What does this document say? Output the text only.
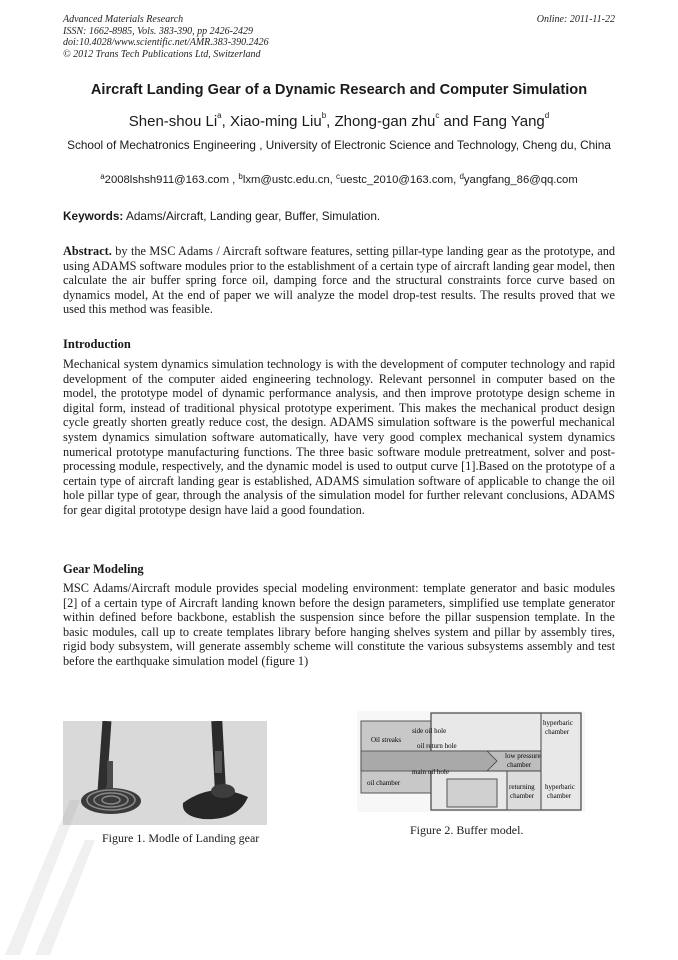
Advanced Materials Research
ISSN: 1662-8985, Vols. 383-390, pp 2426-2429
doi:10.4028/www.scientific.net/AMR.383-390.2426
© 2012 Trans Tech Publications Ltd, Switzerland
Online: 2011-11-22
Aircraft Landing Gear of a Dynamic Research and Computer Simulation
Shen-shou Li$^a$, Xiao-ming Liu$^b$, Zhong-gan zhu$^c$ and Fang Yang$^d$
School of Mechatronics Engineering , University of Electronic Science and Technology, Cheng du, China
$^a$2008lshsh911@163.com , $^b$lxm@ustc.edu.cn, $^c$uestc_2010@163.com, $^d$yangfang_86@qq.com
Keywords: Adams/Aircraft, Landing gear, Buffer, Simulation.
Abstract. by the MSC Adams / Aircraft software features, setting pillar-type landing gear as the prototype, and using ADAMS software modules prior to the establishment of a certain type of aircraft landing gear model, then calculate the air buffer spring force oil, damping force and the structural constraints force curve based on dynamics model, At the end of paper we will analyze the model drop-test results. The results proved that we used this method was feasible.
Introduction
Mechanical system dynamics simulation technology is with the development of computer technology and rapid development of the computer aided engineering technology. Relevant personnel in computer based on the model, the prototype model of dynamic performance analysis, and then improve prototype design scheme in digital form, instead of traditional physical prototype experiment. This makes the mechanical product design cycle greatly shorten greatly reduce cost, the design. ADAMS simulation software is the powerful mechanical system dynamics simulation software automatically, have very good complex mechanical system dynamics numerical prototype manufacturing functions. The three basic software module pretreatment, solver and post-processing module, respectively, and the dynamic model is used to output curve [1].Based on the prototype of a certain type of aircraft landing gear is established, ADAMS simulation software of applicable to change the oil hole pillar type of gear, through the analysis of the simulation model for further relevant conclusions, ADAMS for gear digital prototype design have laid a good foundation.
Gear Modeling
MSC Adams/Aircraft module provides special modeling environment: template generator and basic modules [2] of a certain type of Aircraft landing known before the design parameters, simplified use template generator within defined before backbone, establish the suspension since before the pillar suspension template. In the basic modules, call up to create templates library before hanging shelves system and pillar by assembly tires, rigid body subsystem, will generate assembly scheme will constitute the various subsystems assembly and test before the earthquake simulation model (figure 1)
Figure 1. Modle of Landing gear
side oil hole
Oil streaks
oil return hole
main oil hole
oil chamber
low pressure
chamber
hyperbaric
chamber
returning
chamber
hyperbaric
chamber
Figure 2. Buffer model.
